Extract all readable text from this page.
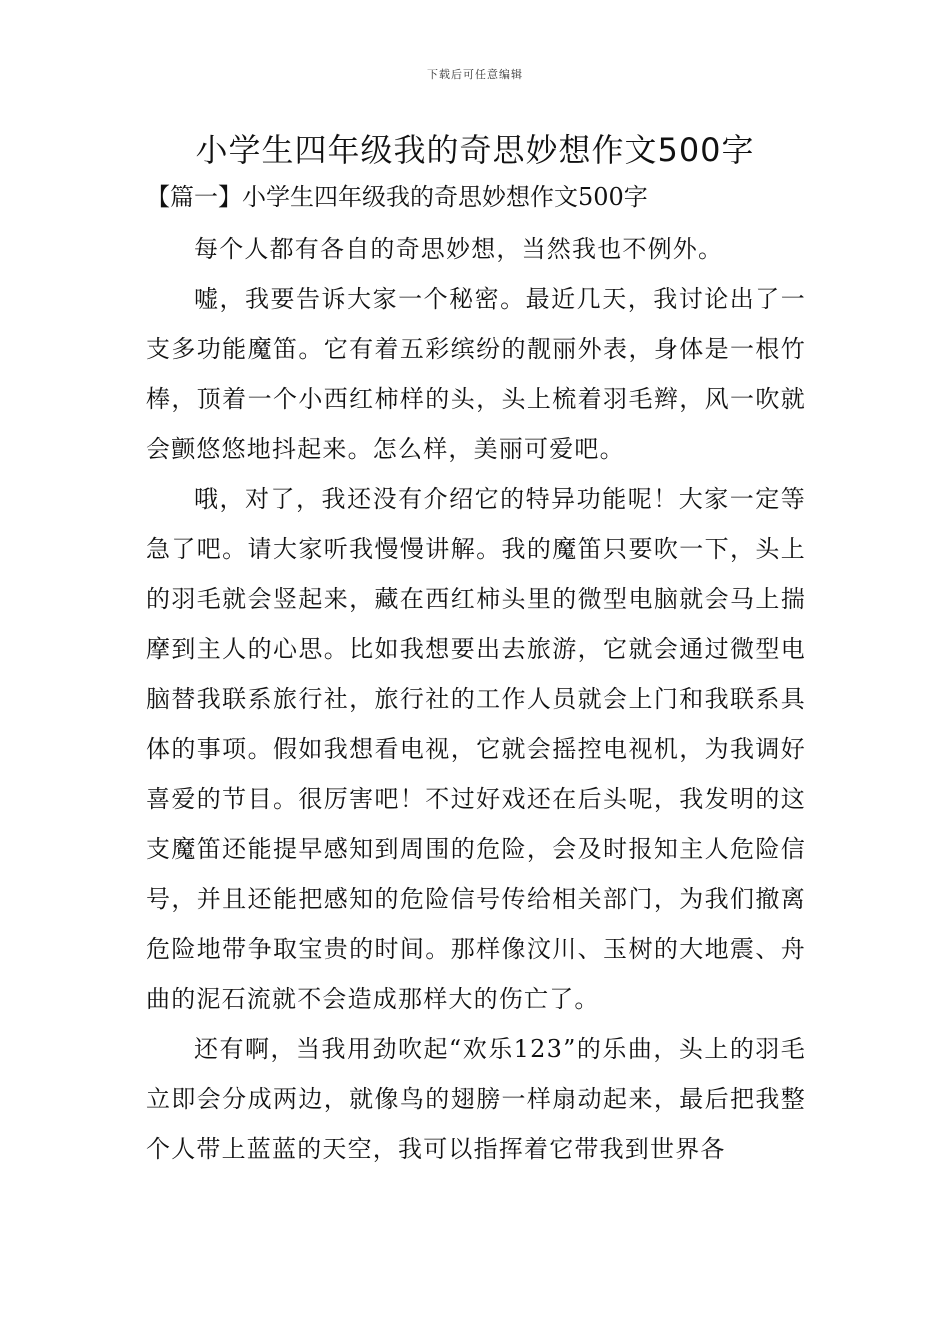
下载后可任意编辑
小学生四年级我的奇思妙想作文500字
【篇一】小学生四年级我的奇思妙想作文500字

每个人都有各自的奇思妙想，当然我也不例外。

嘘，我要告诉大家一个秘密。最近几天，我讨论出了一支多功能魔笛。它有着五彩缤纷的靓丽外表，身体是一根竹棒，顶着一个小西红柿样的头，头上梳着羽毛辫，风一吹就会颤悠悠地抖起来。怎么样，美丽可爱吧。

哦，对了，我还没有介绍它的特异功能呢！大家一定等急了吧。请大家听我慢慢讲解。我的魔笛只要吹一下，头上的羽毛就会竖起来，藏在西红柿头里的微型电脑就会马上揣摩到主人的心思。比如我想要出去旅游，它就会通过微型电脑替我联系旅行社，旅行社的工作人员就会上门和我联系具体的事项。假如我想看电视，它就会摇控电视机，为我调好喜爱的节目。很厉害吧！不过好戏还在后头呢，我发明的这支魔笛还能提早感知到周围的危险，会及时报知主人危险信号，并且还能把感知的危险信号传给相关部门，为我们撤离危险地带争取宝贵的时间。那样像汶川、玉树的大地震、舟曲的泥石流就不会造成那样大的伤亡了。

还有啊，当我用劲吹起“欢乐123”的乐曲，头上的羽毛立即会分成两边，就像鸟的翅膀一样扇动起来，最后把我整个人带上蓝蓝的天空，我可以指挥着它带我到世界各
